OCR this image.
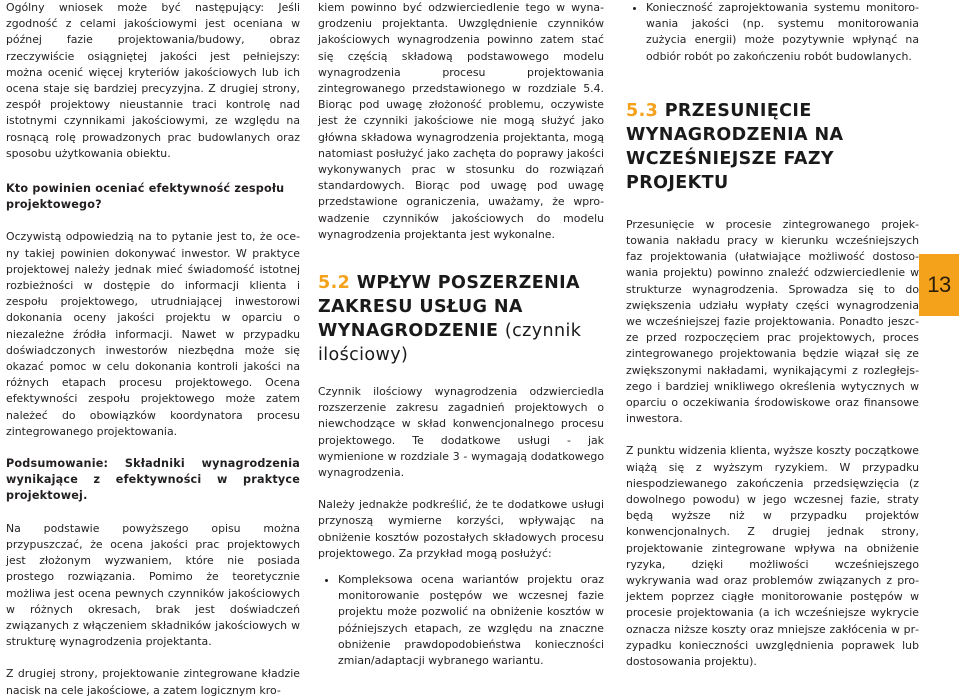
Ogólny wniosek może być następujący: Jeśli zgodność z celami jakościowymi jest oceniana w późnej fazie projektowania/budowy, obraz rzeczywiście osiągniętej jakości jest pełniejszy: można ocenić więcej kryteriów jakościowych lub ich ocena staje się bardziej precyzyjna. Z drugiej strony, zespół projektowy nieustannie traci kontrolę nad istotnymi czynnikami jakościowymi, ze względu na rosnącą rolę prowadzonych prac budowlanych oraz sposobu użytkowania obiektu.

Kto powinien oceniać efektywność zespołu projektowego?

Oczywistą odpowiedzią na to pytanie jest to, że oceny takiej powinien dokonywać inwestor. W praktyce projektowej należy jednak mieć świadomość istotnej rozbieżności w dostępie do informacji klienta i zespołu projektowego, utrudniającej inwestorowi dokonania oceny jakości projektu w oparciu o niezależne źródła informacji. Nawet w przypadku doświadczonych inwestorów niezbędna może się okazać pomoc w celu dokonania kontroli jakości na różnych etapach procesu projektowego. Ocena efektywności zespołu projektowego może zatem należeć do obowiązków koordynatora procesu zintegrowanego projektowania.

Podsumowanie: Składniki wynagrodzenia wynikające z efektywności w praktyce projektowej.

Na podstawie powyższego opisu można przypuszczać, że ocena jakości prac projektowych jest złożonym wyzwaniem, które nie posiada prostego rozwiązania. Pomimo że teoretycznie możliwa jest ocena pewnych czynników jakościowych w różnych okresach, brak jest doświadczeń związanych z włączeniem składników jakościowych w strukturę wynagrodzenia projektanta.

Z drugiej strony, projektowanie zintegrowane kładzie nacisk na cele jakościowe, a zatem logicznym kro-

kiem powinno być odzwierciedlenie tego w wynagrodzeniu projektanta. Uwzględnienie czynników jakościowych wynagrodzenia powinno zatem stać się częścią składową podstawowego modelu wynagrodzenia procesu projektowania zintegrowanego przedstawionego w rozdziale 5.4. Biorąc pod uwagę złożoność problemu, oczywiste jest że czynniki jakościowe nie mogą służyć jako główna składowa wynagrodzenia projektanta, mogą natomiast posłużyć jako zachęta do poprawy jakości wykonywanych prac w stosunku do rozwiązań standardowych. Biorąc pod uwagę pod uwagę przedstawione ograniczenia, uważamy, że wprowadzenie czynników jakościowych do modelu wynagrodzenia projektanta jest wykonalne.

5.2 WPŁYW POSZERZENIA ZAKRESU USŁUG NA WYNAGRODZENIE (czynnik ilościowy)

Czynnik ilościowy wynagrodzenia odzwierciedla rozszerzenie zakresu zagadnień projektowych o niewchodzące w skład konwencjonalnego procesu projektowego. Te dodatkowe usługi - jak wymienione w rozdziale 3 - wymagają dodatkowego wynagrodzenia.

Należy jednakże podkreślić, że te dodatkowe usługi przynoszą wymierne korzyści, wpływając na obniżenie kosztów pozostałych składowych procesu projektowego. Za przykład mogą posłużyć:

• Kompleksowa ocena wariantów projektu oraz monitorowanie postępów we wczesnej fazie projektu może pozwolić na obniżenie kosztów w późniejszych etapach, ze względu na znaczne obniżenie prawdopodobieństwa konieczności zmian/adaptacji wybranego wariantu.
• Konieczność zaprojektowania systemu monitorowania jakości (np. systemu monitorowania zużycia energii) może pozytywnie wpłynąć na odbiór robót po zakończeniu robót budowlanych.
5.3 PRZESUNIĘCIE WYNAGRODZENIA NA WCZEŚNIEJSZE FAZY PROJEKTU

Przesunięcie w procesie zintegrowanego projektowania nakładu pracy w kierunku wcześniejszych faz projektowania (ułatwiające możliwość dostosowania projektu) powinno znaleźć odzwierciedlenie w strukturze wynagrodzenia. Sprowadza się to do zwiększenia udziału wypłaty części wynagrodzenia we wcześniejszej fazie projektowania. Ponadto jeszcze przed rozpoczęciem prac projektowych, proces zintegrowanego projektowania będzie wiązał się ze zwiększonymi nakładami, wynikającymi z rozległejszego i bardziej wnikliwego określenia wytycznych w oparciu o oczekiwania środowiskowe oraz finansowe inwestora.

Z punktu widzenia klienta, wyższe koszty początkowe wiążą się z wyższym ryzykiem. W przypadku niespodziewanego zakończenia przedsięwzięcia (z dowolnego powodu) w jego wczesnej fazie, straty będą wyższe niż w przypadku projektów konwencjonalnych. Z drugiej jednak strony, projektowanie zintegrowane wpływa na obniżenie ryzyka, dzięki możliwości wcześniejszego wykrywania wad oraz problemów związanych z projektem poprzez ciągłe monitorowanie postępów w procesie projektowania (a ich wcześniejsze wykrycie oznacza niższe koszty oraz mniejsze zakłócenia w przypadku konieczności uwzględnienia poprawek lub dostosowania projektu).

13
